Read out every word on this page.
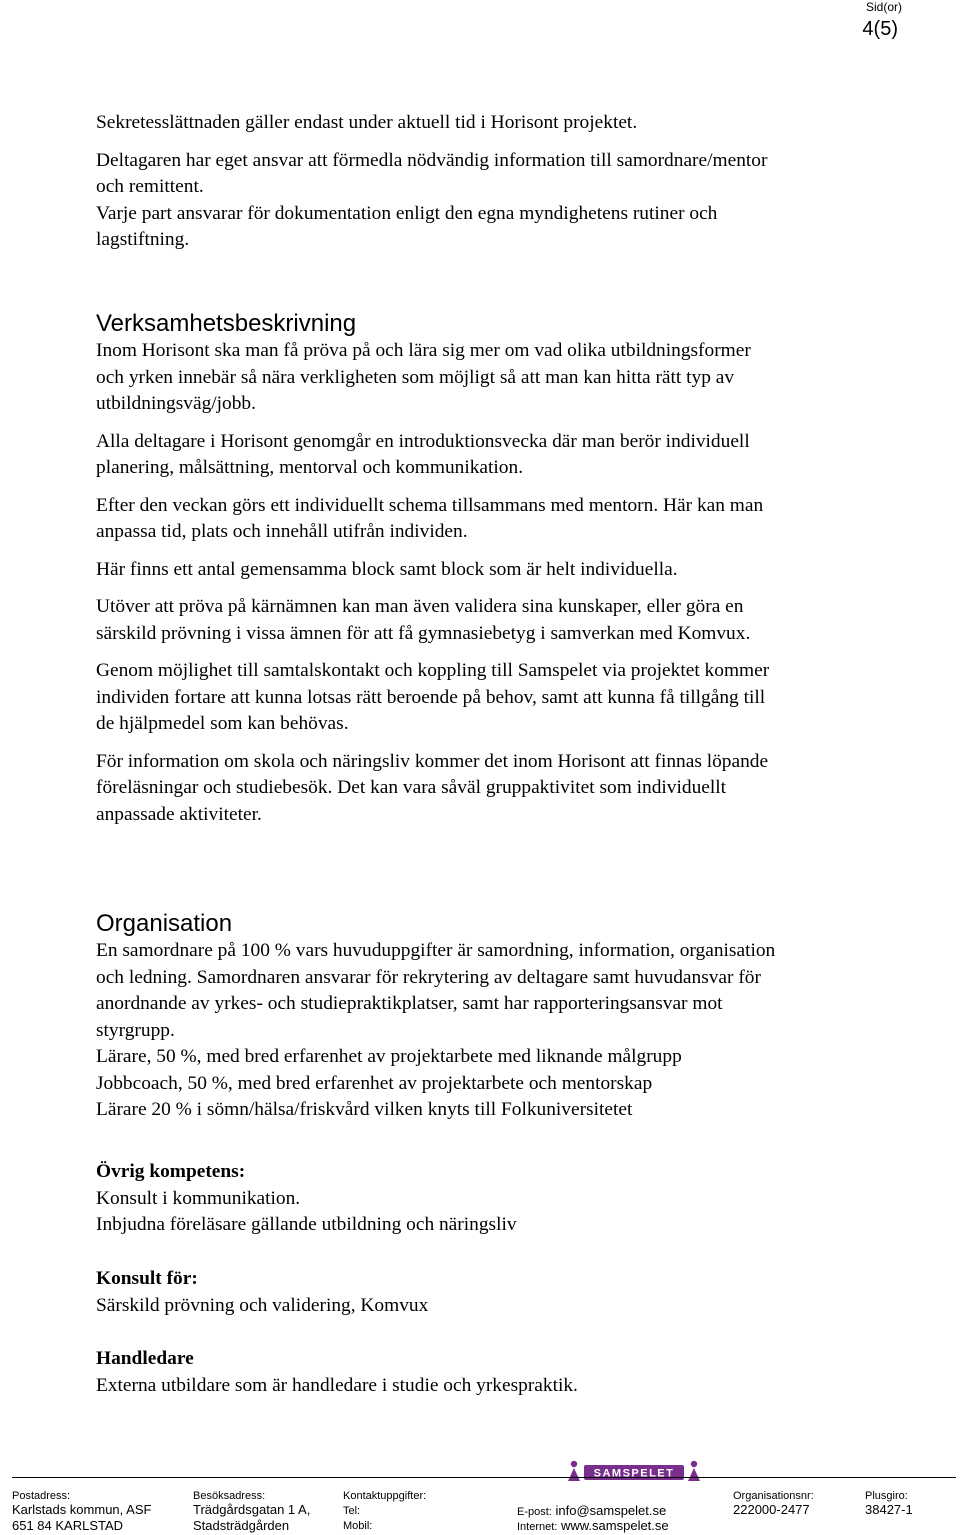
Sid(or)
4(5)

Sekretesslättnaden gäller endast under aktuell tid i Horisont projektet.

Deltagaren har eget ansvar att förmedla nödvändig information till samordnare/mentor

och remittent.

Varje part ansvarar för dokumentation enligt den egna myndighetens rutiner och

lagstiftning.

Verksamhetsbeskrivning

Inom Horisont ska man få pröva på och lära sig mer om vad olika utbildningsformer

och yrken innebär så nära verkligheten som möjligt så att man kan hitta rätt typ av

utbildningsväg/jobb.

Alla deltagare i Horisont genomgår en introduktionsvecka där man berör individuell

planering, målsättning, mentorval och kommunikation.

Efter den veckan görs ett individuellt schema tillsammans med mentorn. Här kan man

anpassa tid, plats och innehåll utifrån individen.

Här finns ett antal gemensamma block samt block som är helt individuella.

Utöver att pröva på kärnämnen kan man även validera sina kunskaper, eller göra en

särskild prövning i vissa ämnen för att få gymnasiebetyg i samverkan med Komvux.

Genom möjlighet till samtalskontakt och koppling till Samspelet via projektet kommer

individen fortare att kunna lotsas rätt beroende på behov, samt att kunna få tillgång till

de hjälpmedel som kan behövas.

För information om skola och näringsliv kommer det inom Horisont att finnas löpande

föreläsningar och studiebesök. Det kan vara såväl gruppaktivitet som individuellt

anpassade aktiviteter.

Organisation

En samordnare på 100 % vars huvuduppgifter är samordning, information, organisation

och ledning. Samordnaren ansvarar för rekrytering av deltagare samt huvudansvar för

anordnande av yrkes- och studiepraktikplatser, samt har rapporteringsansvar mot

styrgrupp.

Lärare, 50 %, med bred erfarenhet av projektarbete med liknande målgrupp

Jobbcoach, 50 %, med bred erfarenhet av projektarbete och mentorskap

Lärare 20 % i sömn/hälsa/friskvård vilken knyts till Folkuniversitetet

Övrig kompetens:

Konsult i kommunikation.

Inbjudna föreläsare gällande utbildning och näringsliv

Konsult för:

Särskild prövning och validering, Komvux

Handledare

Externa utbildare som är handledare i studie och yrkespraktik.

SAMSPELET
Postadress:
Karlstads kommun, ASF
651 84 KARLSTAD
Besöksadress:
Trädgårdsgatan 1 A,
Stadsträdgården
Kontaktuppgifter:
Tel:
Mobil:
E-post: info@samspelet.se
Internet: www.samspelet.se
Organisationsnr:
222000-2477
Plusgiro:
38427-1
